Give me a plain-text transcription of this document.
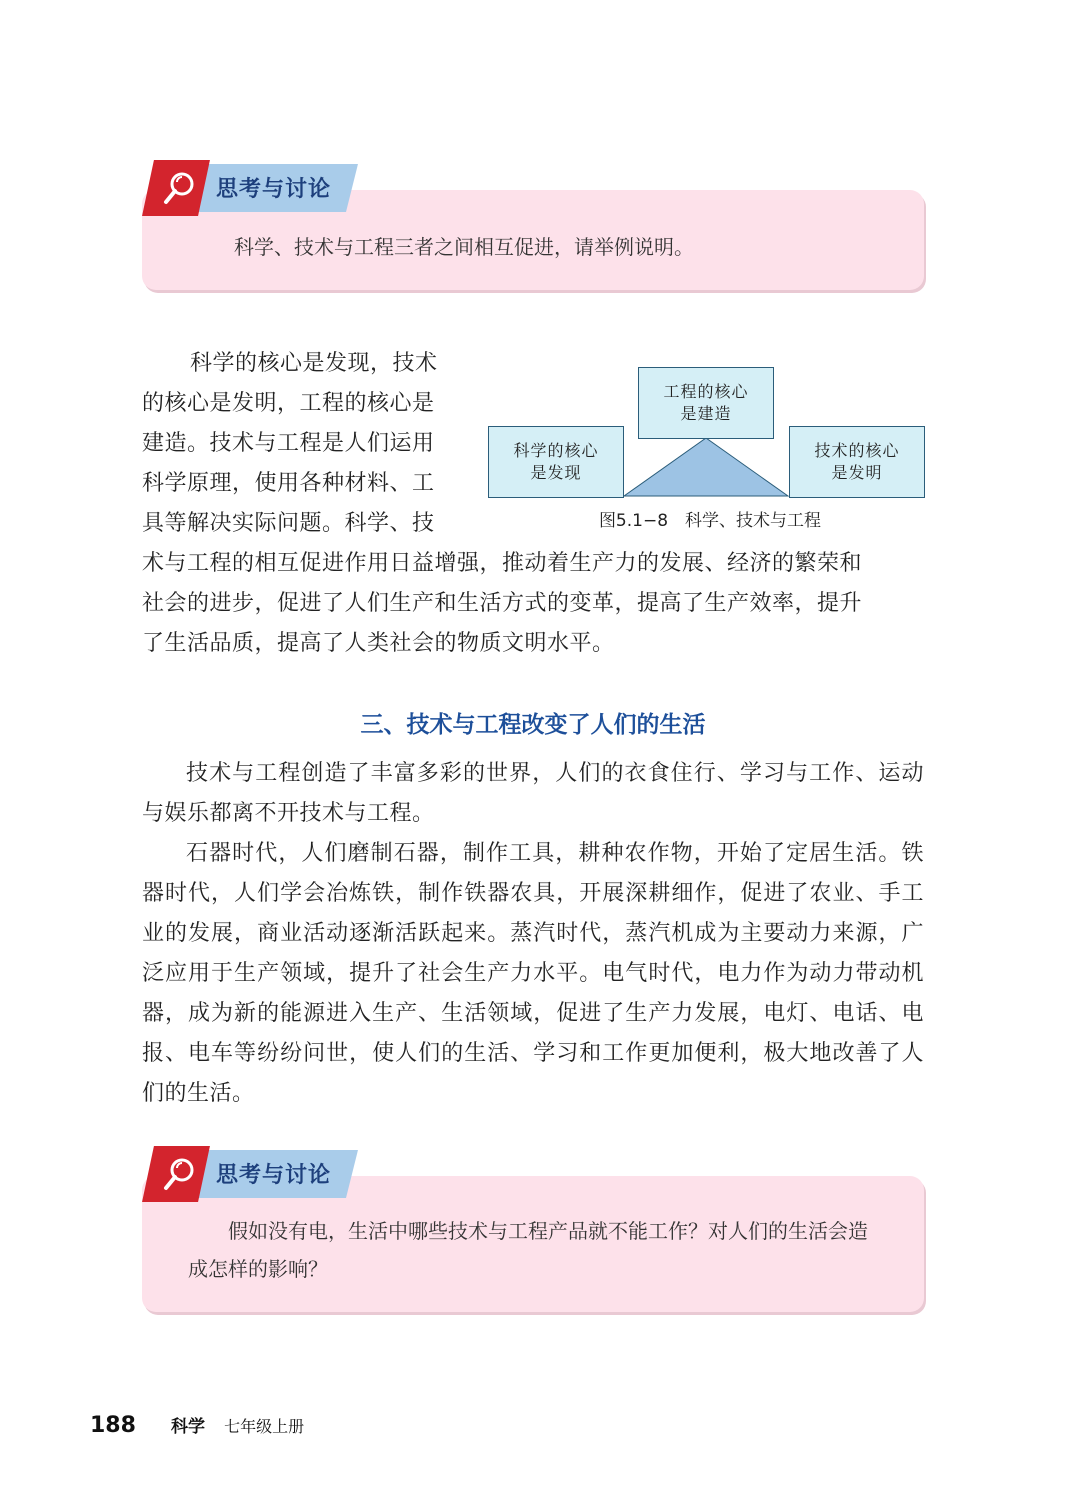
科学、技术与工程三者之间相互促进，请举例说明。
思考与讨论
科学的核心是发现，技术
的核心是发明，工程的核心是
建造。技术与工程是人们运用
科学原理，使用各种材料、工
具等解决实际问题。科学、技
术与工程的相互促进作用日益增强，推动着生产力的发展、经济的繁荣和
社会的进步，促进了人们生产和生活方式的变革，提高了生产效率，提升
了生活品质，提高了人类社会的物质文明水平。
工程的核心
是建造
科学的核心
是发现
技术的核心
是发明
图5.1−8　科学、技术与工程
三、技术与工程改变了人们的生活
技术与工程创造了丰富多彩的世界，人们的衣食住行、学习与工作、运动与娱乐都离不开技术与工程。
石器时代，人们磨制石器，制作工具，耕种农作物，开始了定居生活。铁器时代，人们学会冶炼铁，制作铁器农具，开展深耕细作，促进了农业、手工业的发展，商业活动逐渐活跃起来。蒸汽时代，蒸汽机成为主要动力来源，广泛应用于生产领域，提升了社会生产力水平。电气时代，电力作为动力带动机器，成为新的能源进入生产、生活领域，促进了生产力发展，电灯、电话、电报、电车等纷纷问世，使人们的生活、学习和工作更加便利，极大地改善了人们的生活。
假如没有电，生活中哪些技术与工程产品就不能工作？对人们的生活会造成怎样的影响？
思考与讨论
188 科学 七年级上册
